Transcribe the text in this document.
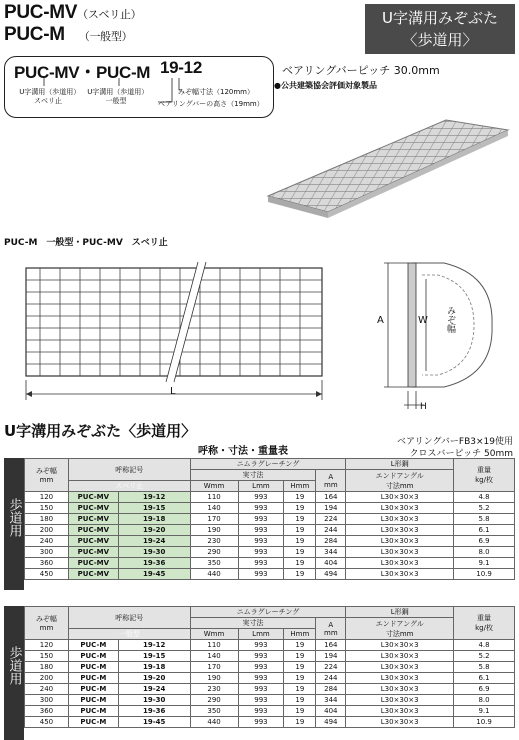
PUC-MV（スベリ止）
PUC-M （一般型）
U字溝用みぞぶた
〈歩道用〉
PUC-MV・PUC-M 19-12
U字溝用（歩道用）スベリ止
U字溝用（歩道用）一般型
みぞ幅寸法（120mm）
ベアリングバーの高さ（19mm）
ベアリングバーピッチ 30.0mm
●公共建築協会評価対象製品
PUC-M　一般型・PUC-MV　スベリ止
L
A	W みぞ幅
H
U字溝用みぞぶた〈歩道用〉
呼称・寸法・重量表
ベアリングバーFB3×19使用
クロスバーピッチ 50mm
歩道用
みぞ幅
mm	呼称記号		ニムラグレーチング				L形鋼	重量
kg/枚
			実寸法			A
mm	エンドアングル
寸法mm	
	スベリ止		Wmm	Lmm	Hmm			
120	PUC-MV	19-12	110	993	19	164	L30×30×3	4.8
150	PUC-MV	19-15	140	993	19	194	L30×30×3	5.2
180	PUC-MV	19-18	170	993	19	224	L30×30×3	5.8
200	PUC-MV	19-20	190	993	19	244	L30×30×3	6.1
240	PUC-MV	19-24	230	993	19	284	L30×30×3	6.9
300	PUC-MV	19-30	290	993	19	344	L30×30×3	8.0
360	PUC-MV	19-36	350	993	19	404	L30×30×3	9.1
450	PUC-MV	19-45	440	993	19	494	L30×30×3	10.9
歩道用
みぞ幅
mm	呼称記号		ニムラグレーチング				L形鋼	重量
kg/枚
			実寸法			A
mm	エンドアングル
寸法mm	
	一般型		Wmm	Lmm	Hmm			
120	PUC-M	19-12	110	993	19	164	L30×30×3	4.8
150	PUC-M	19-15	140	993	19	194	L30×30×3	5.2
180	PUC-M	19-18	170	993	19	224	L30×30×3	5.8
200	PUC-M	19-20	190	993	19	244	L30×30×3	6.1
240	PUC-M	19-24	230	993	19	284	L30×30×3	6.9
300	PUC-M	19-30	290	993	19	344	L30×30×3	8.0
360	PUC-M	19-36	350	993	19	404	L30×30×3	9.1
450	PUC-M	19-45	440	993	19	494	L30×30×3	10.9
